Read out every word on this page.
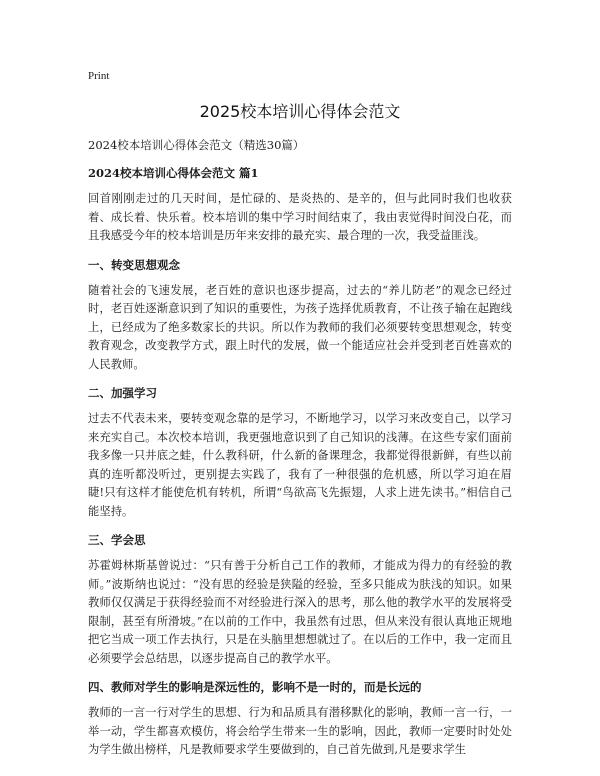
Print

2025校本培训心得体会范文

2024校本培训心得体会范文（精选30篇）

2024校本培训心得体会范文 篇1

回首刚刚走过的几天时间，是忙碌的、是炎热的、是辛的，但与此同时我们也收获着、成长着、快乐着。校本培训的集中学习时间结束了，我由衷觉得时间没白花，而且我感受今年的校本培训是历年来安排的最充实、最合理的一次，我受益匪浅。

一、转变思想观念

随着社会的飞速发展，老百姓的意识也逐步提高，过去的“养儿防老”的观念已经过时，老百姓逐渐意识到了知识的重要性，为孩子选择优质教育，不让孩子输在起跑线上，已经成为了绝多数家长的共识。所以作为教师的我们必须要转变思想观念，转变教育观念，改变教学方式，跟上时代的发展，做一个能适应社会并受到老百姓喜欢的人民教师。

二、加强学习

过去不代表未来，要转变观念靠的是学习，不断地学习，以学习来改变自己，以学习来充实自己。本次校本培训，我更强地意识到了自己知识的浅薄。在这些专家们面前我多像一只井底之蛙，什么教科研，什么新的备课理念，我都觉得很新鲜，有些以前真的连听都没听过，更别提去实践了，我有了一种很强的危机感，所以学习迫在眉睫!只有这样才能使危机有转机，所谓“鸟欲高飞先振翅，人求上进先读书。”相信自己能坚持。

三、学会思

苏霍姆林斯基曾说过：“只有善于分析自己工作的教师，才能成为得力的有经验的教师。”波斯纳也说过：“没有思的经验是狭隘的经验，至多只能成为肤浅的知识。如果教师仅仅满足于获得经验而不对经验进行深入的思考，那么他的教学水平的发展将受限制，甚至有所滑坡。”在以前的工作中，我虽然有过思，但从来没有很认真地正规地把它当成一项工作去执行，只是在头脑里想想就过了。在以后的工作中，我一定而且必须要学会总结思，以逐步提高自己的教学水平。

四、教师对学生的影响是深远性的，影响不是一时的，而是长远的

教师的一言一行对学生的思想、行为和品质具有潜移默化的影响，教师一言一行，一举一动，学生都喜欢模仿，将会给学生带来一生的影响，因此，教师一定要时时处处为学生做出榜样，凡是教师要求学生要做到的，自己首先做到,凡是要求学生
